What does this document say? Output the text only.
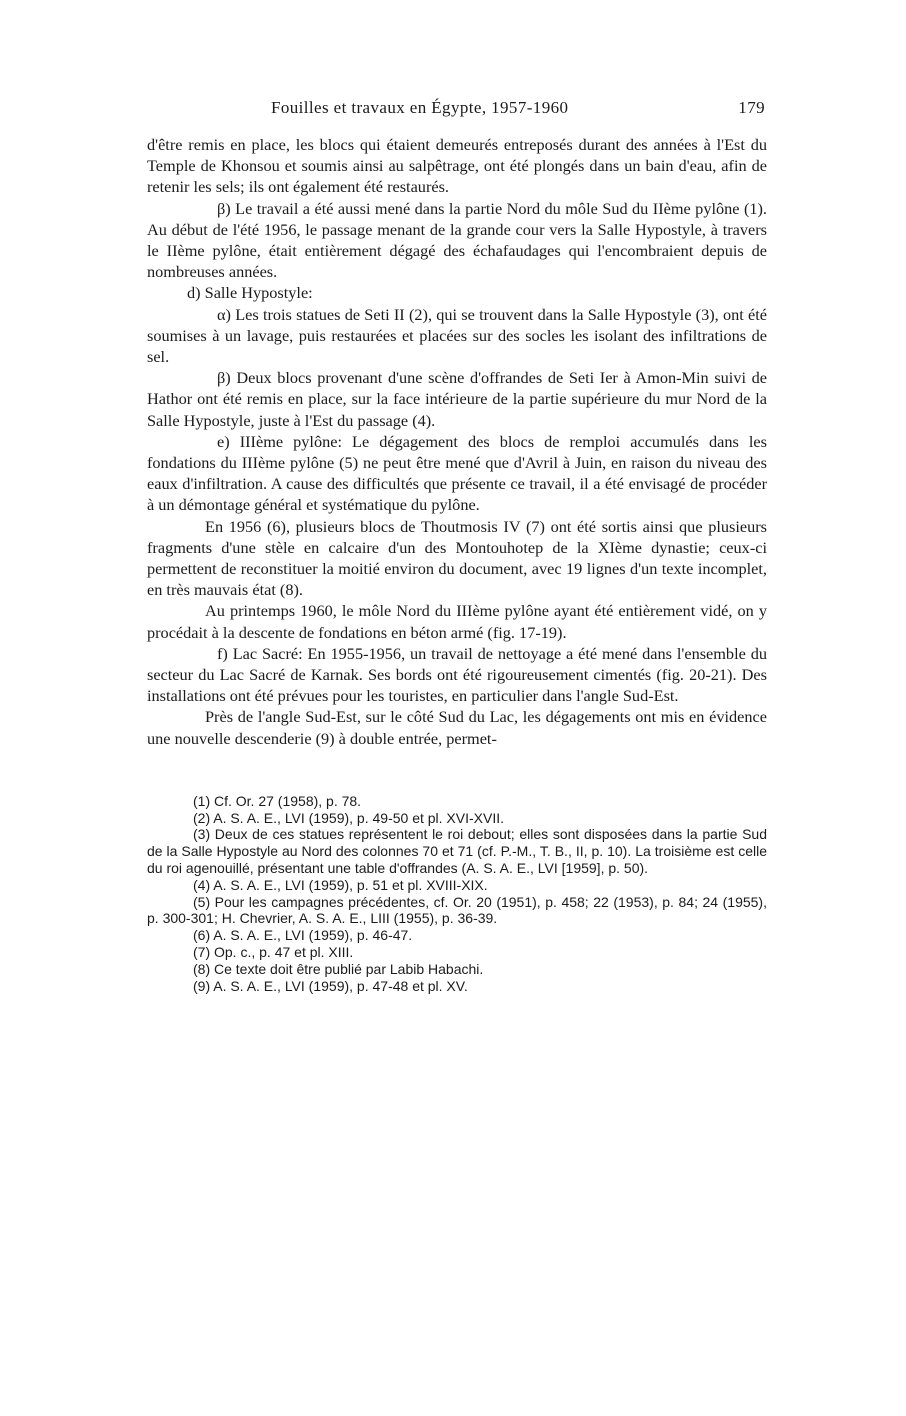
Fouilles et travaux en Égypte, 1957-1960	179

d'être remis en place, les blocs qui étaient demeurés entreposés durant des années à l'Est du Temple de Khonsou et soumis ainsi au salpêtrage, ont été plongés dans un bain d'eau, afin de retenir les sels; ils ont également été restaurés.

β) Le travail a été aussi mené dans la partie Nord du môle Sud du IIème pylône (1). Au début de l'été 1956, le passage menant de la grande cour vers la Salle Hypostyle, à travers le IIème pylône, était entièrement dégagé des échafaudages qui l'encombraient depuis de nombreuses années.

d) Salle Hypostyle:

α) Les trois statues de Seti II (2), qui se trouvent dans la Salle Hypostyle (3), ont été soumises à un lavage, puis restaurées et placées sur des socles les isolant des infiltrations de sel.

β) Deux blocs provenant d'une scène d'offrandes de Seti Ier à Amon-Min suivi de Hathor ont été remis en place, sur la face intérieure de la partie supérieure du mur Nord de la Salle Hypostyle, juste à l'Est du passage (4).

e) IIIème pylône: Le dégagement des blocs de remploi accumulés dans les fondations du IIIème pylône (5) ne peut être mené que d'Avril à Juin, en raison du niveau des eaux d'infiltration. A cause des difficultés que présente ce travail, il a été envisagé de procéder à un démontage général et systématique du pylône.

En 1956 (6), plusieurs blocs de Thoutmosis IV (7) ont été sortis ainsi que plusieurs fragments d'une stèle en calcaire d'un des Montouhotep de la XIème dynastie; ceux-ci permettent de reconstituer la moitié environ du document, avec 19 lignes d'un texte incomplet, en très mauvais état (8).

Au printemps 1960, le môle Nord du IIIème pylône ayant été entièrement vidé, on y procédait à la descente de fondations en béton armé (fig. 17-19).

f) Lac Sacré: En 1955-1956, un travail de nettoyage a été mené dans l'ensemble du secteur du Lac Sacré de Karnak. Ses bords ont été rigoureusement cimentés (fig. 20-21). Des installations ont été prévues pour les touristes, en particulier dans l'angle Sud-Est.

Près de l'angle Sud-Est, sur le côté Sud du Lac, les dégagements ont mis en évidence une nouvelle descenderie (9) à double entrée, permet-

(1) Cf. Or. 27 (1958), p. 78.

(2) A. S. A. E., LVI (1959), p. 49-50 et pl. XVI-XVII.

(3) Deux de ces statues représentent le roi debout; elles sont disposées dans la partie Sud de la Salle Hypostyle au Nord des colonnes 70 et 71 (cf. P.-M., T. B., II, p. 10). La troisième est celle du roi agenouillé, présentant une table d'offrandes (A. S. A. E., LVI [1959], p. 50).

(4) A. S. A. E., LVI (1959), p. 51 et pl. XVIII-XIX.

(5) Pour les campagnes précédentes, cf. Or. 20 (1951), p. 458; 22 (1953), p. 84; 24 (1955), p. 300-301; H. Chevrier, A. S. A. E., LIII (1955), p. 36-39.

(6) A. S. A. E., LVI (1959), p. 46-47.

(7) Op. c., p. 47 et pl. XIII.

(8) Ce texte doit être publié par Labib Habachi.

(9) A. S. A. E., LVI (1959), p. 47-48 et pl. XV.
